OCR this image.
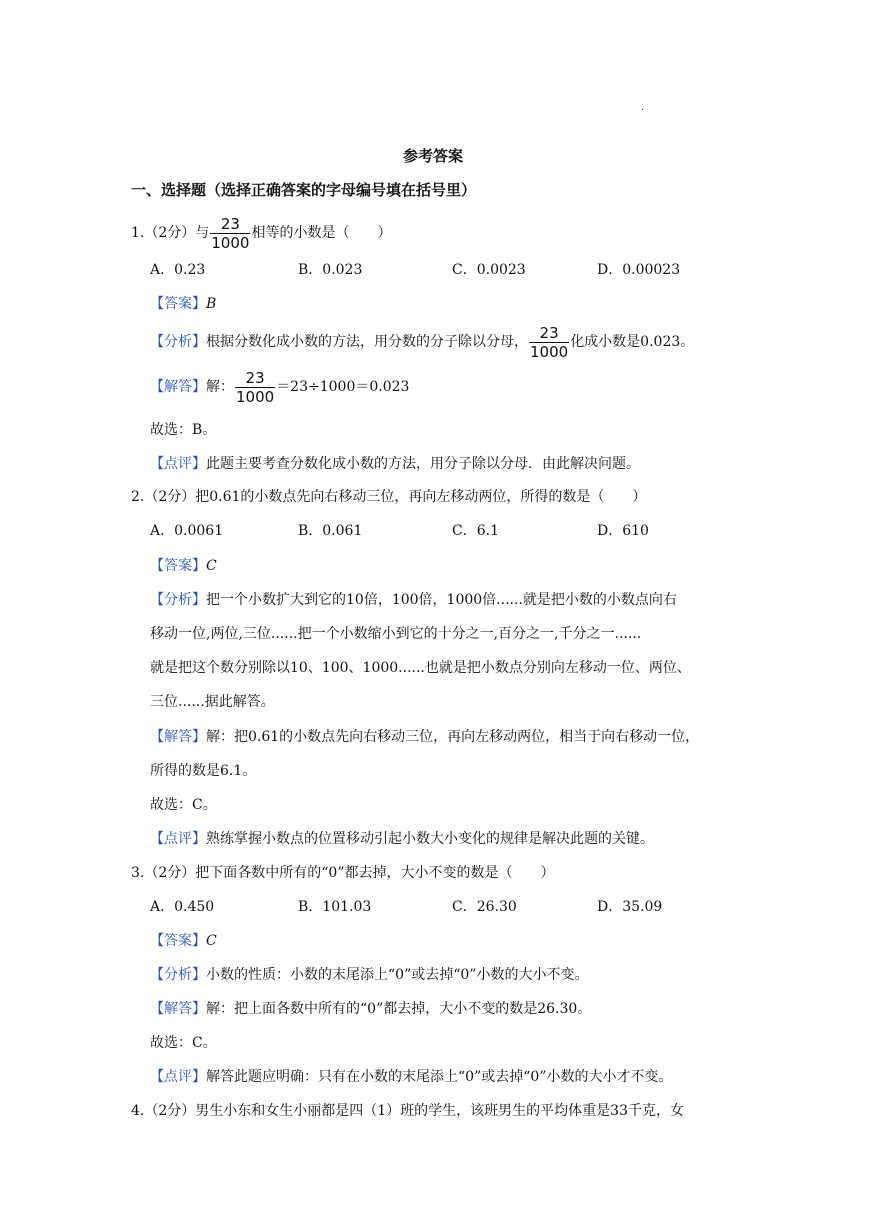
.
参考答案
一、选择题（选择正确答案的字母编号填在括号里）
1.（2分）与 $\frac{23}{1000}$ 相等的小数是（　　）
A．0.23	B．0.023	C．0.0023	D．0.00023
【答案】B
【分析】根据分数化成小数的方法，用分数的分子除以分母， $\frac{23}{1000}$ 化成小数是0.023。
【解答】解： $\frac{23}{1000} =23\div 1000=0.023$
故选：B。
【点评】此题主要考查分数化成小数的方法，用分子除以分母．由此解决问题。
2.（2分）把0.61的小数点先向右移动三位，再向左移动两位，所得的数是（　　）
A．0.0061	B．0.061	C．6.1	D．610
【答案】C
【分析】把一个小数扩大到它的10倍，100倍，1000倍......就是把小数的小数点向右
移动一位,两位,三位......把一个小数缩小到它的十分之一,百分之一,千分之一......
就是把这个数分别除以10、100、1000......也就是把小数点分别向左移动一位、两位、
三位......据此解答。
【解答】解：把0.61的小数点先向右移动三位，再向左移动两位，相当于向右移动一位，
所得的数是6.1。
故选：C。
【点评】熟练掌握小数点的位置移动引起小数大小变化的规律是解决此题的关键。
3.（2分）把下面各数中所有的“0”都去掉，大小不变的数是（　　）
A．0.450	B．101.03	C．26.30	D．35.09
【答案】C
【分析】小数的性质：小数的末尾添上“0”或去掉“0”小数的大小不变。
【解答】解：把上面各数中所有的“0”都去掉，大小不变的数是26.30。
故选：C。
【点评】解答此题应明确：只有在小数的末尾添上“0”或去掉“0”小数的大小才不变。
4.（2分）男生小东和女生小丽都是四（1）班的学生，该班男生的平均体重是33千克，女
